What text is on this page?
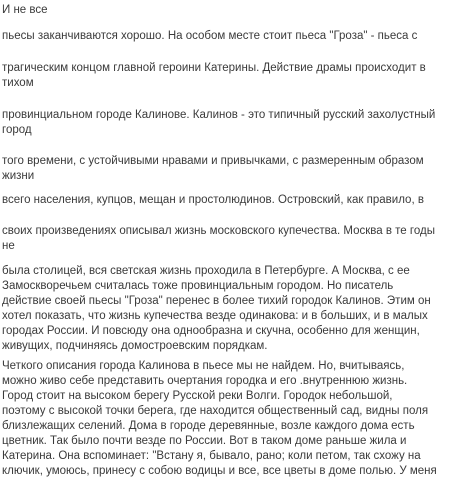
И не все
пьесы заканчиваются хорошо. На особом месте стоит пьеса "Гроза" - пьеса с
трагическим концом главной героини Катерины. Действие драмы происходит в
тихом
провинциальном городе Калинове. Калинов - это типичный русский захолустный
город
того времени, с устойчивыми нравами и привычками, с размеренным образом
жизни
всего населения, купцов, мещан и простолюдинов. Островский, как правило, в
своих произведениях описывал жизнь московского купечества. Москва в те годы
не
была столицей, вся светская жизнь проходила в Петербурге. А Москва, с ее
Замоскворечьем считалась тоже провинциальным городом. Но писатель
действие своей пьесы "Гроза" перенес в более тихий городок Калинов. Этим он
хотел показать, что жизнь купечества везде одинакова: и в больших, и в малых
городах России. И повсюду она однообразна и скучна, особенно для женщин,
живущих, подчиняясь домостроевским порядкам.
Четкого описания города Калинова в пьесе мы не найдем. Но, вчитываясь,
можно живо себе представить очертания городка и его .внутреннюю жизнь.
Город стоит на высоком берегу Русской реки Волги. Городок небольшой,
поэтому с высокой точки берега, где находится общественный сад, видны поля
близлежащих селений. Дома в городе деревянные, возле каждого дома есть
цветник. Так было почти везде по России. Вот в таком доме раньше жила и
Катерина. Она вспоминает: "Встану я, бывало, рано; коли петом, так схожу на
ключик, умоюсь, принесу с собою водицы и все, все цветы в доме полью. У меня
